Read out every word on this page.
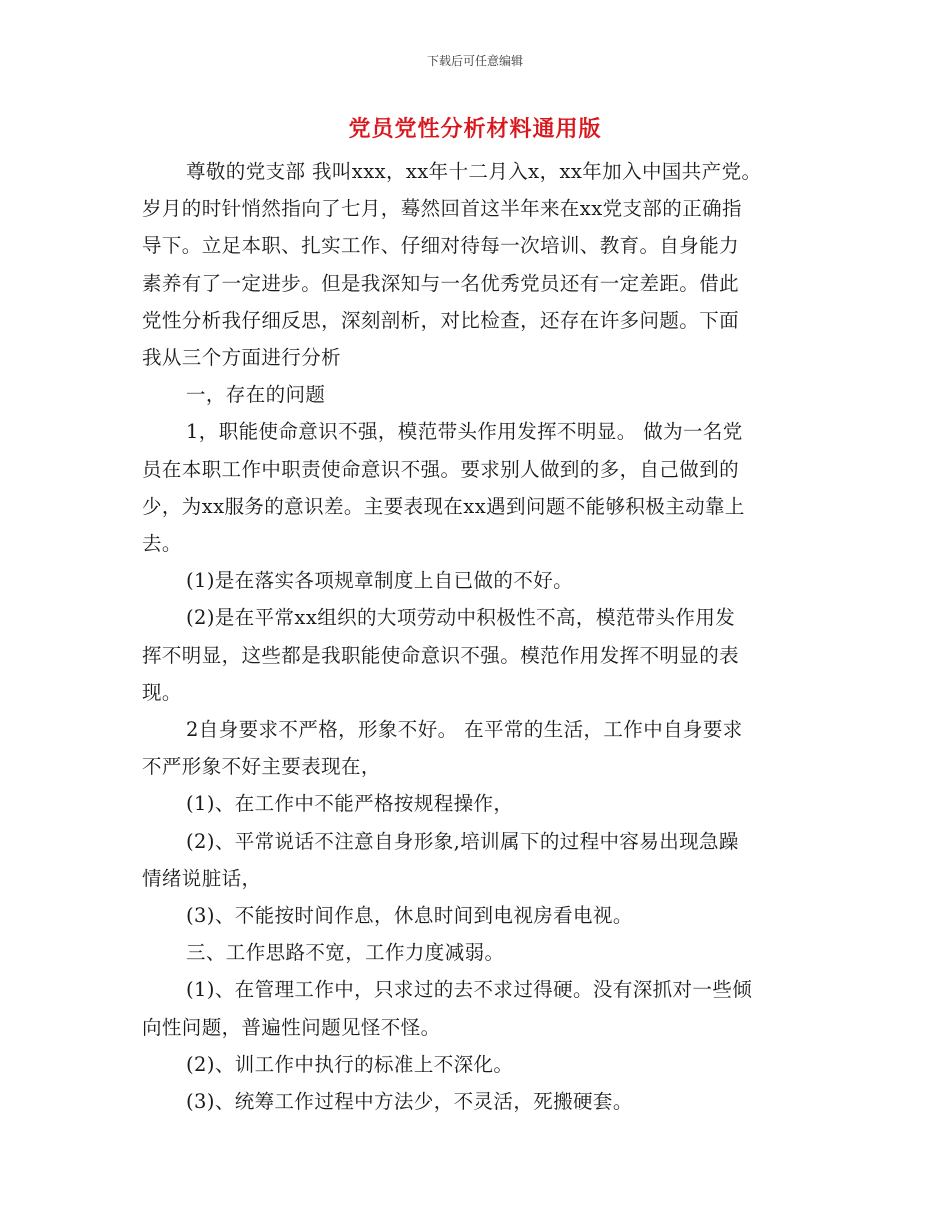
下载后可任意编辑
党员党性分析材料通用版

尊敬的党支部 我叫xxx，xx年十二月入x，xx年加入中国共产党。

岁月的时针悄然指向了七月，蓦然回首这半年来在xx党支部的正确指

导下。立足本职、扎实工作、仔细对待每一次培训、教育。自身能力

素养有了一定进步。但是我深知与一名优秀党员还有一定差距。借此

党性分析我仔细反思，深刻剖析，对比检查，还存在许多问题。下面

我从三个方面进行分析

一，存在的问题

1，职能使命意识不强，模范带头作用发挥不明显。 做为一名党

员在本职工作中职责使命意识不强。要求别人做到的多，自己做到的

少，为xx服务的意识差。主要表现在xx遇到问题不能够积极主动靠上

去。

(1)是在落实各项规章制度上自已做的不好。

(2)是在平常xx组织的大项劳动中积极性不高，模范带头作用发

挥不明显，这些都是我职能使命意识不强。模范作用发挥不明显的表

现。

2自身要求不严格，形象不好。 在平常的生活，工作中自身要求

不严形象不好主要表现在，

(1)、在工作中不能严格按规程操作，

(2)、平常说话不注意自身形象,培训属下的过程中容易出现急躁

情绪说脏话，

(3)、不能按时间作息，休息时间到电视房看电视。

三、工作思路不宽，工作力度减弱。

(1)、在管理工作中，只求过的去不求过得硬。没有深抓对一些倾

向性问题，普遍性问题见怪不怪。

(2)、训工作中执行的标准上不深化。

(3)、统筹工作过程中方法少，不灵活，死搬硬套。
